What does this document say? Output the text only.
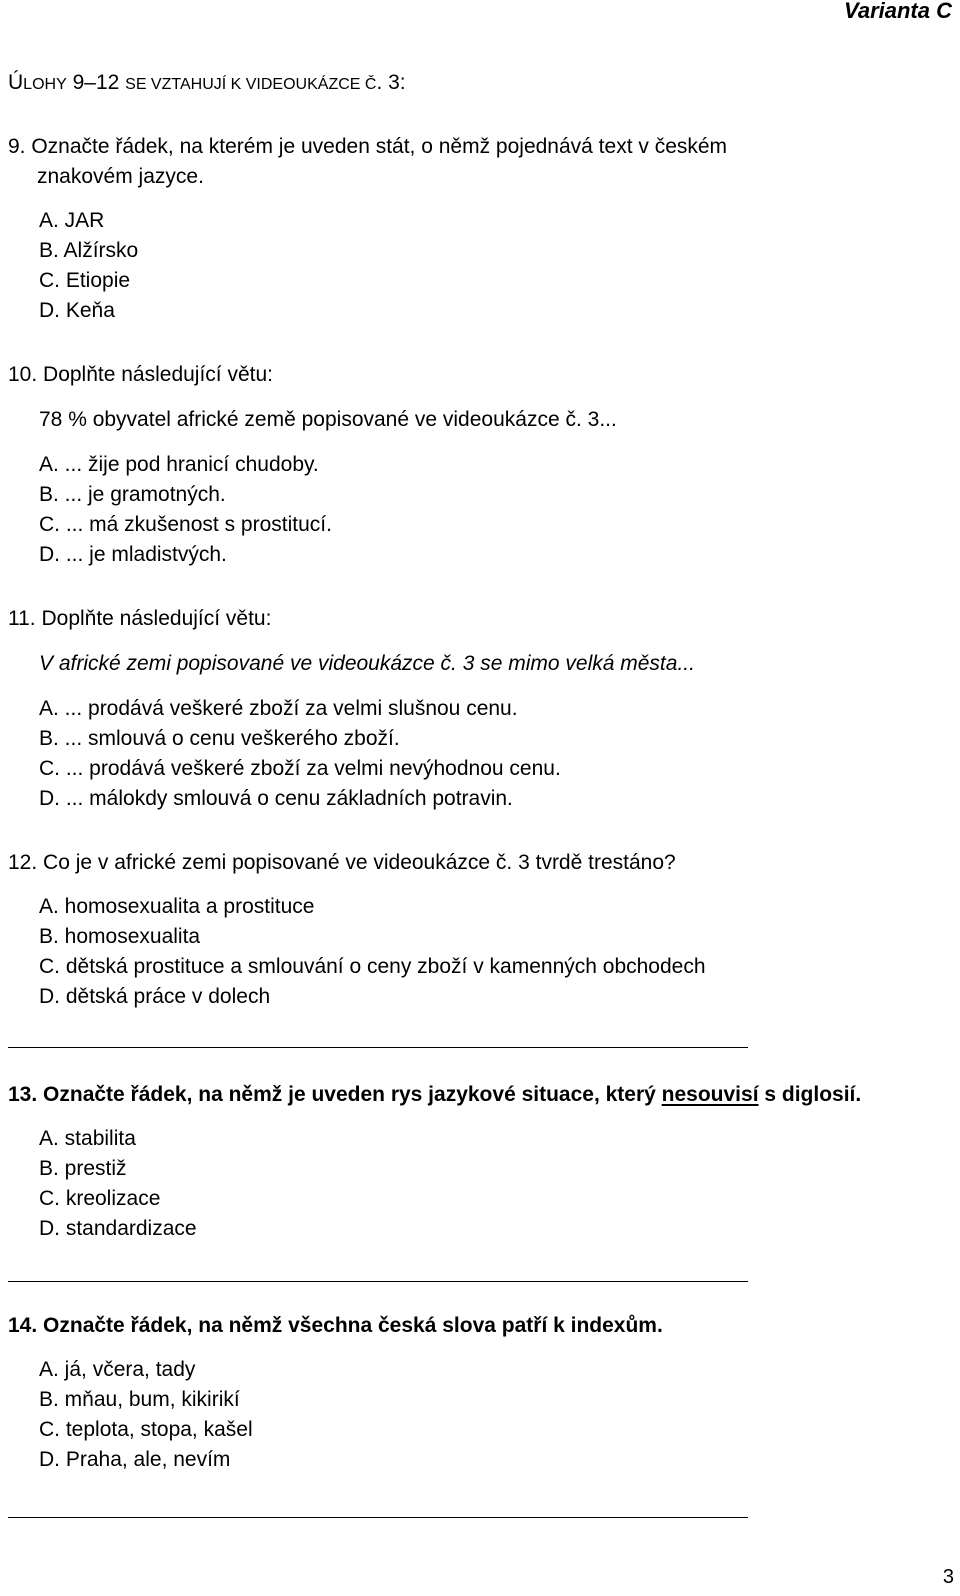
Varianta C
ÚLOHY 9–12 SE VZTAHUJÍ K VIDEOUKÁZCE Č. 3:
9. Označte řádek, na kterém je uveden stát, o němž pojednává text v českém
znakovém jazyce.
A. JAR
B. Alžírsko
C. Etiopie
D. Keňa
10. Doplňte následující větu:
78 % obyvatel africké země popisované ve videoukázce č. 3...
A. ... žije pod hranicí chudoby.
B. ... je gramotných.
C. ... má zkušenost s prostitucí.
D. ... je mladistvých.
11. Doplňte následující větu:
V africké zemi popisované ve videoukázce č. 3 se mimo velká města...
A. ... prodává veškeré zboží za velmi slušnou cenu.
B. ... smlouvá o cenu veškerého zboží.
C. ... prodává veškeré zboží za velmi nevýhodnou cenu.
D. ... málokdy smlouvá o cenu základních potravin.
12. Co je v africké zemi popisované ve videoukázce č. 3 tvrdě trestáno?
A. homosexualita a prostituce
B. homosexualita
C. dětská prostituce a smlouvání o ceny zboží v kamenných obchodech
D. dětská práce v dolech
13. Označte řádek, na němž je uveden rys jazykové situace, který nesouvisí s diglosií.
A. stabilita
B. prestiž
C. kreolizace
D. standardizace
14. Označte řádek, na němž všechna česká slova patří k indexům.
A. já, včera, tady
B. mňau, bum, kikirikí
C. teplota, stopa, kašel
D. Praha, ale, nevím
3
